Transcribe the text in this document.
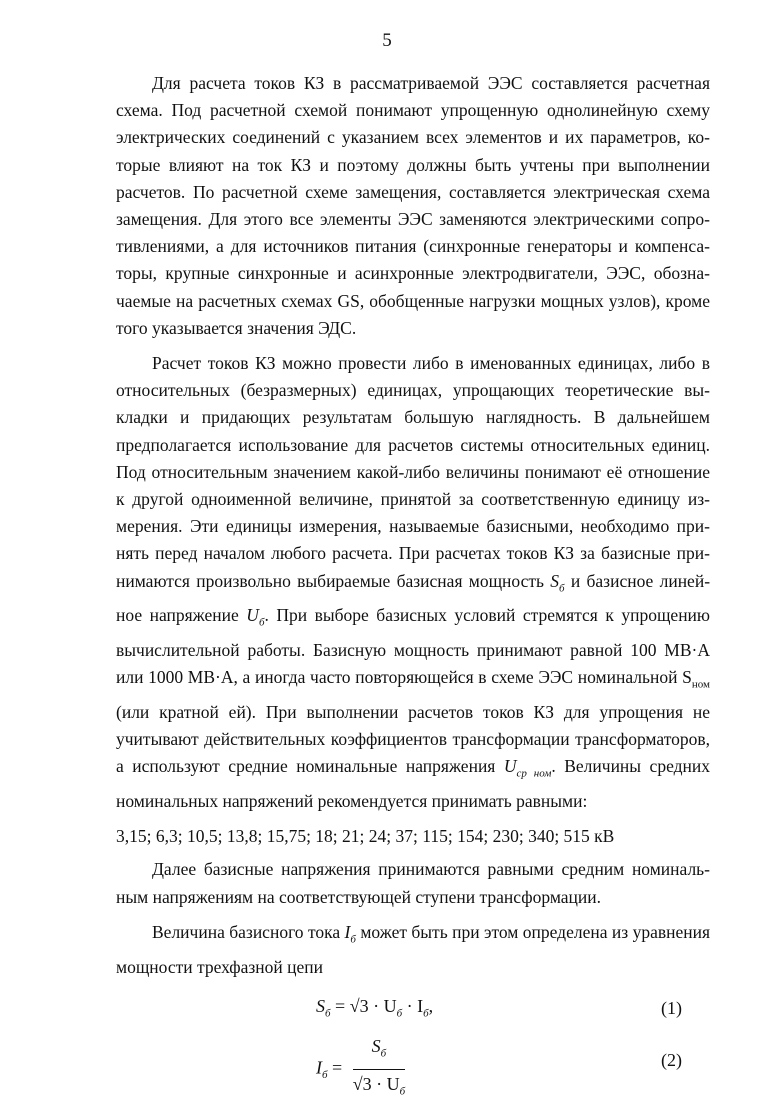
5

Для расчета токов КЗ в рассматриваемой ЭЭС составляется расчетная схема. Под расчетной схемой понимают упрощенную однолинейную схему электрических соединений с указанием всех элементов и их параметров, которые влияют на ток КЗ и поэтому должны быть учтены при выполнении расчетов. По расчетной схеме замещения, составляется электрическая схема замещения. Для этого все элементы ЭЭС заменяются электрическими сопротивлениями, а для источников питания (синхронные генераторы и компенсаторы, крупные синхронные и асинхронные электродвигатели, ЭЭС, обозначаемые на расчетных схемах GS, обобщенные нагрузки мощных узлов), кроме того указывается значения ЭДС.

Расчет токов КЗ можно провести либо в именованных единицах, либо в относительных (безразмерных) единицах, упрощающих теоретические выкладки и придающих результатам большую наглядность. В дальнейшем предполагается использование для расчетов системы относительных единиц. Под относительным значением какой-либо величины понимают её отношение к другой одноименной величине, принятой за соответственную единицу измерения. Эти единицы измерения, называемые базисными, необходимо принять перед началом любого расчета. При расчетах токов КЗ за базисные принимаются произвольно выбираемые базисная мощность $S_б$ и базисное линейное напряжение $U_б$. При выборе базисных условий стремятся к упрощению вычислительной работы. Базисную мощность принимают равной 100 МВ·А или 1000 МВ·А, а иногда часто повторяющейся в схеме ЭЭС номинальной $S_{ном}$ (или кратной ей). При выполнении расчетов токов КЗ для упрощения не учитывают действительных коэффициентов трансформации трансформаторов, а используют средние номинальные напряжения $U_{ср ном}$. Величины средних номинальных напряжений рекомендуется принимать равными:

3,15; 6,3; 10,5; 13,8; 15,75; 18; 21; 24; 37; 115; 154; 230; 340; 515 кВ

Далее базисные напряжения принимаются равными средним номинальным напряжениям на соответствующей ступени трансформации.

Величина базисного тока $I_б$ может быть при этом определена из уравнения мощности трехфазной цепи

$S_б = √3 \cdot U_б \cdot I_б$,	(1)
$I_б = \frac{S_б}{√3 \cdot U_б}$	(2)
